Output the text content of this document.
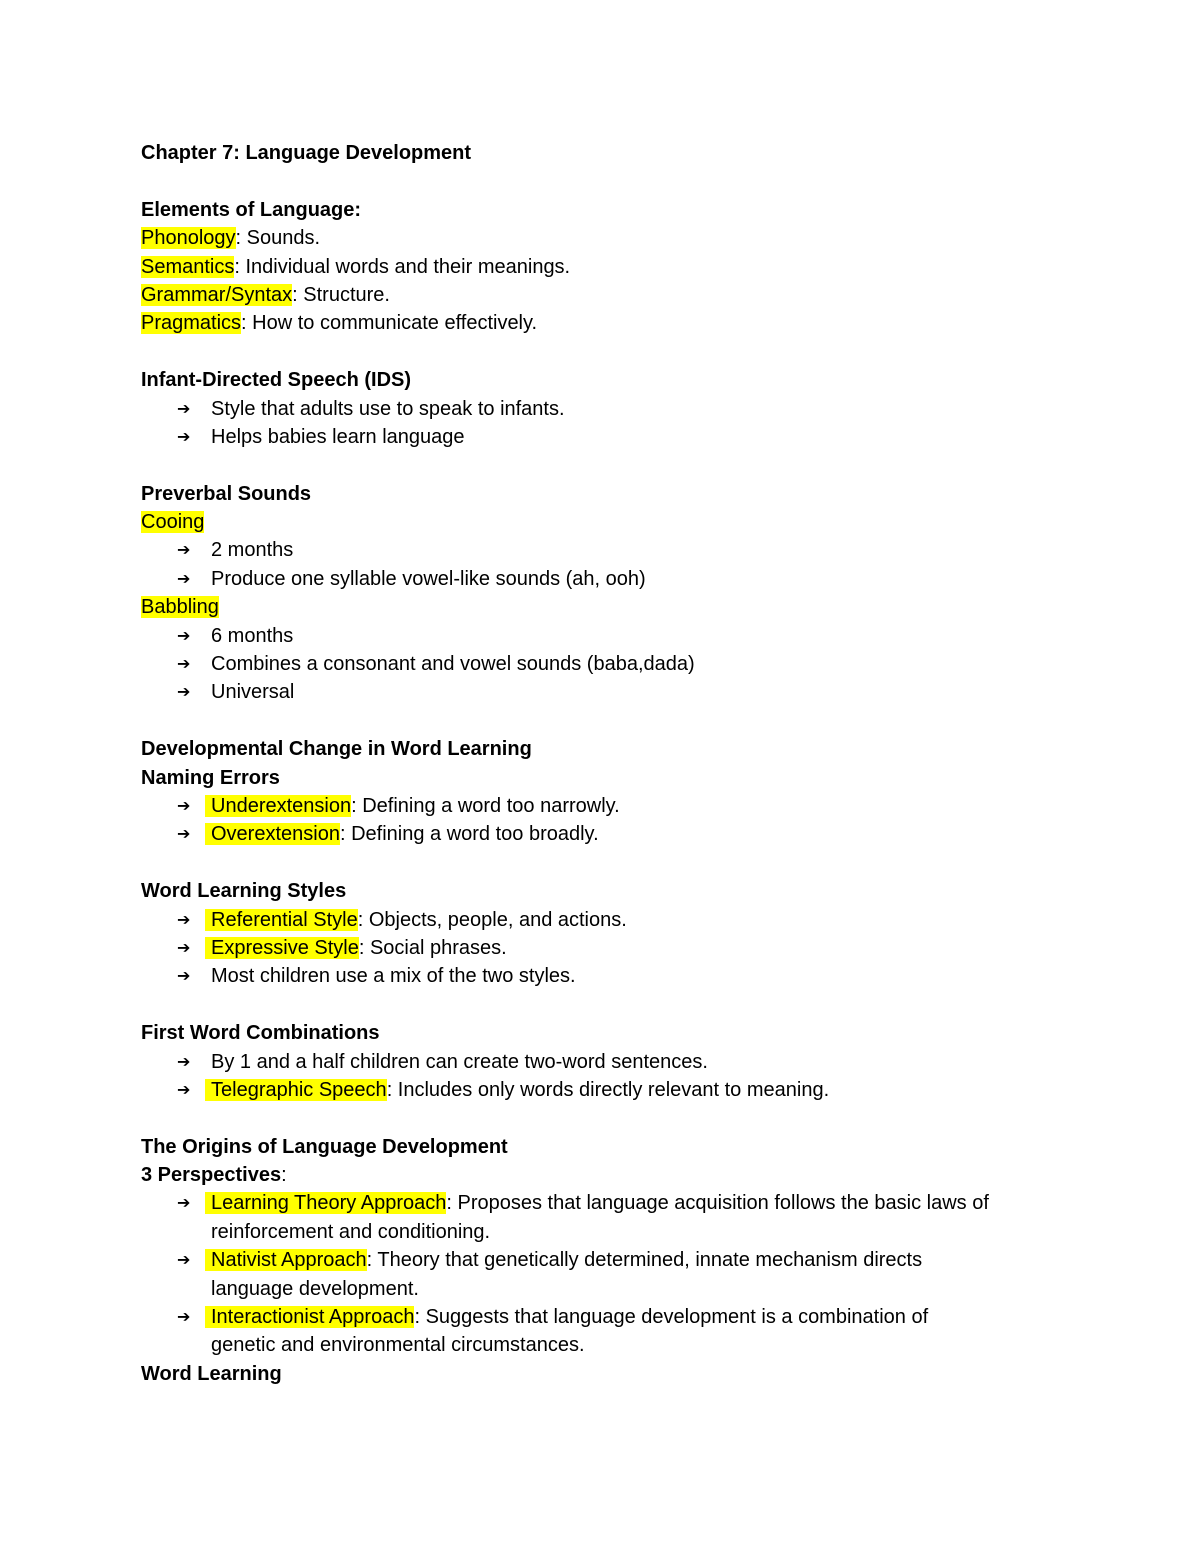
Chapter 7: Language Development
Elements of Language:
Phonology: Sounds.
Semantics: Individual words and their meanings.
Grammar/Syntax: Structure.
Pragmatics: How to communicate effectively.
Infant-Directed Speech (IDS)
➔ Style that adults use to speak to infants.
➔ Helps babies learn language
Preverbal Sounds
Cooing
➔ 2 months
➔ Produce one syllable vowel-like sounds (ah, ooh)
Babbling
➔ 6 months
➔ Combines a consonant and vowel sounds (baba,dada)
➔ Universal
Developmental Change in Word Learning
Naming Errors
➔ Underextension: Defining a word too narrowly.
➔ Overextension: Defining a word too broadly.
Word Learning Styles
➔ Referential Style: Objects, people, and actions.
➔ Expressive Style: Social phrases.
➔ Most children use a mix of the two styles.
First Word Combinations
➔ By 1 and a half children can create two-word sentences.
➔ Telegraphic Speech: Includes only words directly relevant to meaning.
The Origins of Language Development
3 Perspectives:
➔ Learning Theory Approach: Proposes that language acquisition follows the basic laws of
reinforcement and conditioning.
➔ Nativist Approach: Theory that genetically determined, innate mechanism directs
language development.
➔ Interactionist Approach: Suggests that language development is a combination of
genetic and environmental circumstances.
Word Learning
